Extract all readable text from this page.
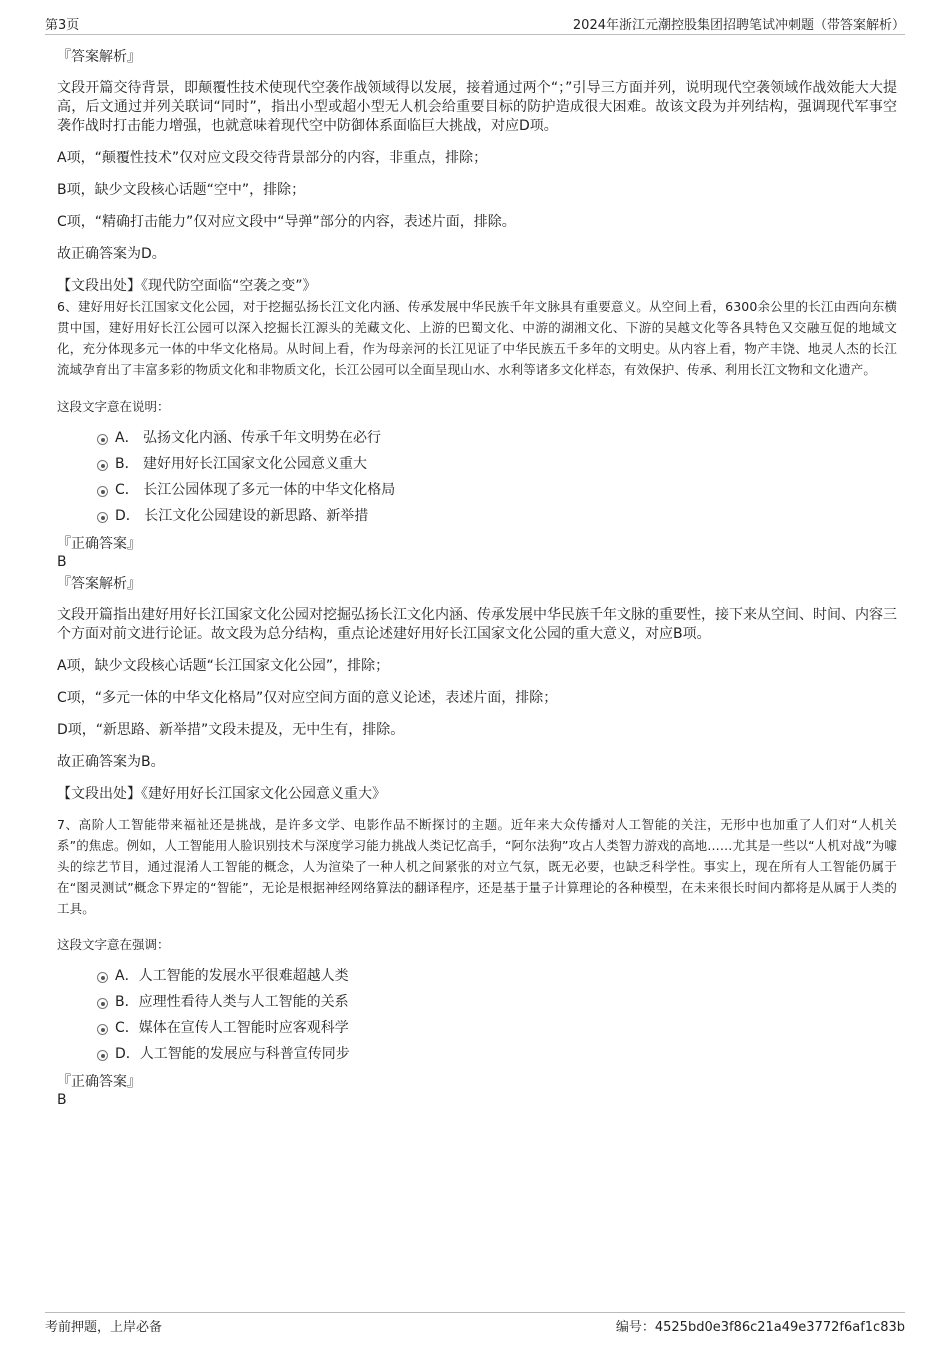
第3页	2024年浙江元潮控股集团招聘笔试冲刺题（带答案解析）

『答案解析』

文段开篇交待背景，即颠覆性技术使现代空袭作战领域得以发展，接着通过两个“；”引导三方面并列，说明现代空袭领域作战效能大大提高，后文通过并列关联词“同时”，指出小型或超小型无人机会给重要目标的防护造成很大困难。故该文段为并列结构，强调现代军事空袭作战时打击能力增强，也就意味着现代空中防御体系面临巨大挑战，对应D项。

A项，“颠覆性技术”仅对应文段交待背景部分的内容，非重点，排除；

B项，缺少文段核心话题“空中”，排除；

C项，“精确打击能力”仅对应文段中“导弹”部分的内容，表述片面，排除。

故正确答案为D。

【文段出处】《现代防空面临“空袭之变”》

6、建好用好长江国家文化公园，对于挖掘弘扬长江文化内涵、传承发展中华民族千年文脉具有重要意义。从空间上看，6300余公里的长江由西向东横贯中国，建好用好长江公园可以深入挖掘长江源头的羌藏文化、上游的巴蜀文化、中游的湖湘文化、下游的吴越文化等各具特色又交融互促的地域文化，充分体现多元一体的中华文化格局。从时间上看，作为母亲河的长江见证了中华民族五千多年的文明史。从内容上看，物产丰饶、地灵人杰的长江流域孕育出了丰富多彩的物质文化和非物质文化，长江公园可以全面呈现山水、水利等诸多文化样态，有效保护、传承、利用长江文物和文化遗产。

这段文字意在说明：

A． 弘扬文化内涵、传承千年文明势在必行
B． 建好用好长江国家文化公园意义重大
C． 长江公园体现了多元一体的中华文化格局
D． 长江文化公园建设的新思路、新举措

『正确答案』

B

『答案解析』

文段开篇指出建好用好长江国家文化公园对挖掘弘扬长江文化内涵、传承发展中华民族千年文脉的重要性，接下来从空间、时间、内容三个方面对前文进行论证。故文段为总分结构，重点论述建好用好长江国家文化公园的重大意义，对应B项。

A项，缺少文段核心话题“长江国家文化公园”，排除；

C项，“多元一体的中华文化格局”仅对应空间方面的意义论述，表述片面，排除；

D项，“新思路、新举措”文段未提及，无中生有，排除。

故正确答案为B。

【文段出处】《建好用好长江国家文化公园意义重大》

7、高阶人工智能带来福祉还是挑战，是许多文学、电影作品不断探讨的主题。近年来大众传播对人工智能的关注，无形中也加重了人们对“人机关系”的焦虑。例如，人工智能用人脸识别技术与深度学习能力挑战人类记忆高手，“阿尔法狗”攻占人类智力游戏的高地……尤其是一些以“人机对战”为噱头的综艺节目，通过混淆人工智能的概念，人为渲染了一种人机之间紧张的对立气氛，既无必要，也缺乏科学性。事实上，现在所有人工智能仍属于在“图灵测试”概念下界定的“智能”，无论是根据神经网络算法的翻译程序，还是基于量子计算理论的各种模型，在未来很长时间内都将是从属于人类的工具。

这段文字意在强调：

A．人工智能的发展水平很难超越人类
B．应理性看待人类与人工智能的关系
C．媒体在宣传人工智能时应客观科学
D．人工智能的发展应与科普宣传同步

『正确答案』

B

考前押题，上岸必备	编号：4525bd0e3f86c21a49e3772f6af1c83b
